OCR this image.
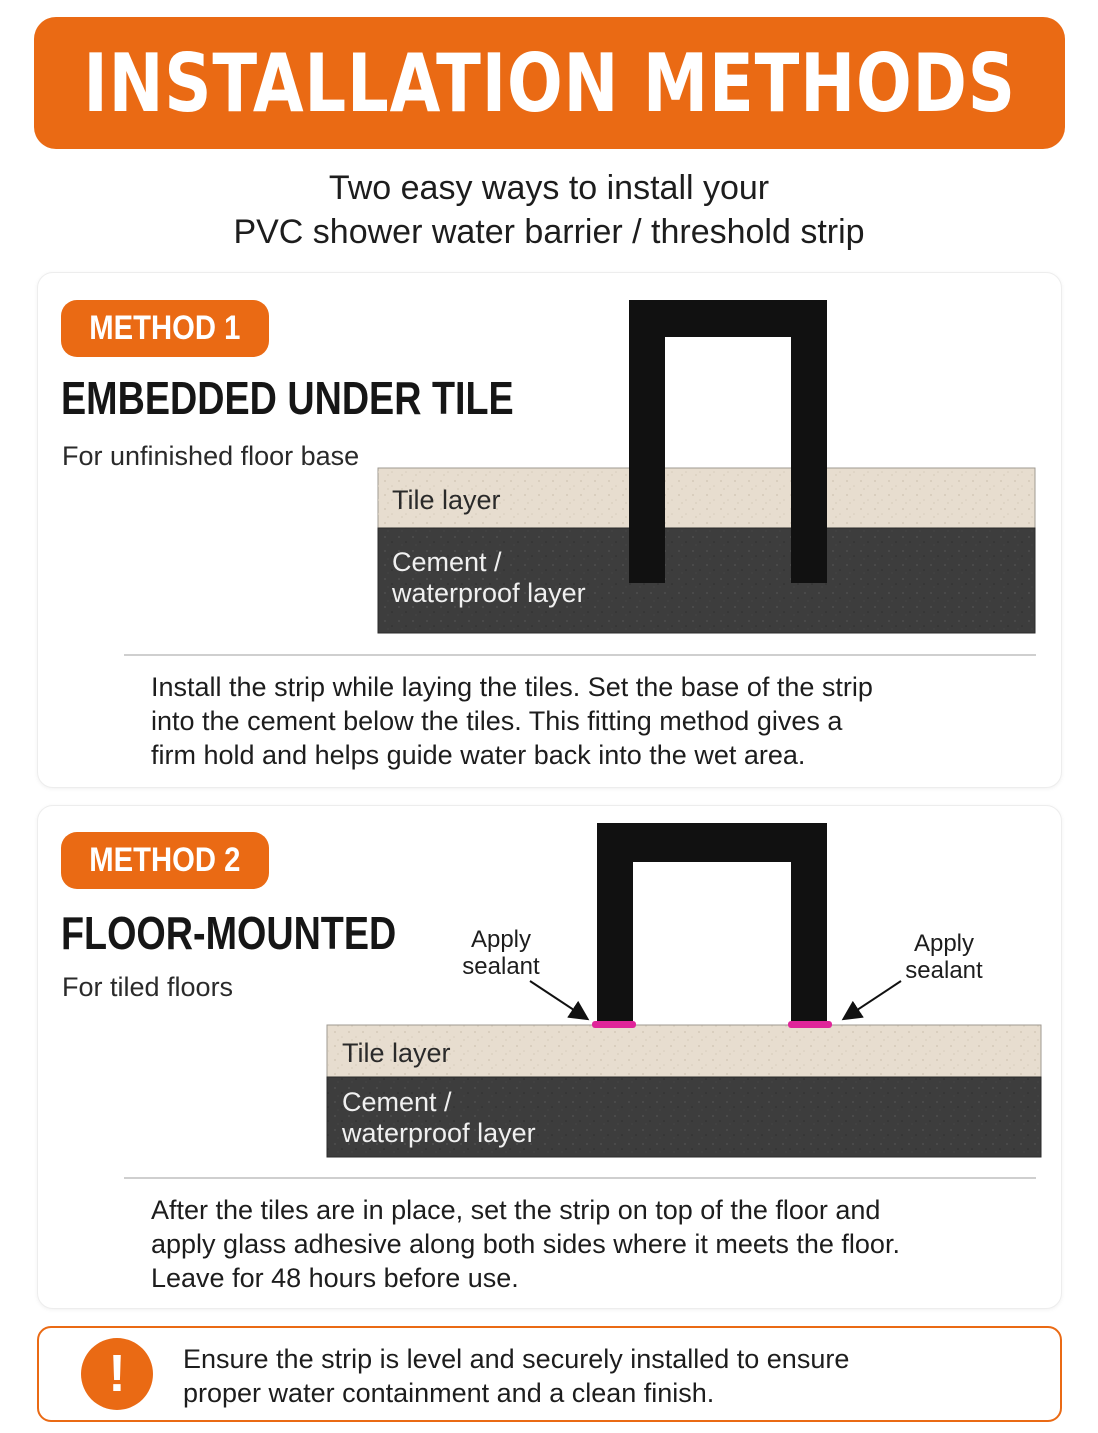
INSTALLATION METHODS
Two easy ways to install your
PVC shower water barrier / threshold strip
METHOD 1
EMBEDDED UNDER TILE
For unfinished floor base
Tile layer
Cement /
waterproof layer
Install the strip while laying the tiles. Set the base of the strip
into the cement below the tiles. This fitting method gives a
firm hold and helps guide water back into the wet area.
METHOD 2
FLOOR-MOUNTED
For tiled floors
Apply
sealant
Apply
sealant
Tile layer
Cement /
waterproof layer
After the tiles are in place, set the strip on top of the floor and
apply glass adhesive along both sides where it meets the floor.
Leave for 48 hours before use.
!	Ensure the strip is level and securely installed to ensure
proper water containment and a clean finish.
